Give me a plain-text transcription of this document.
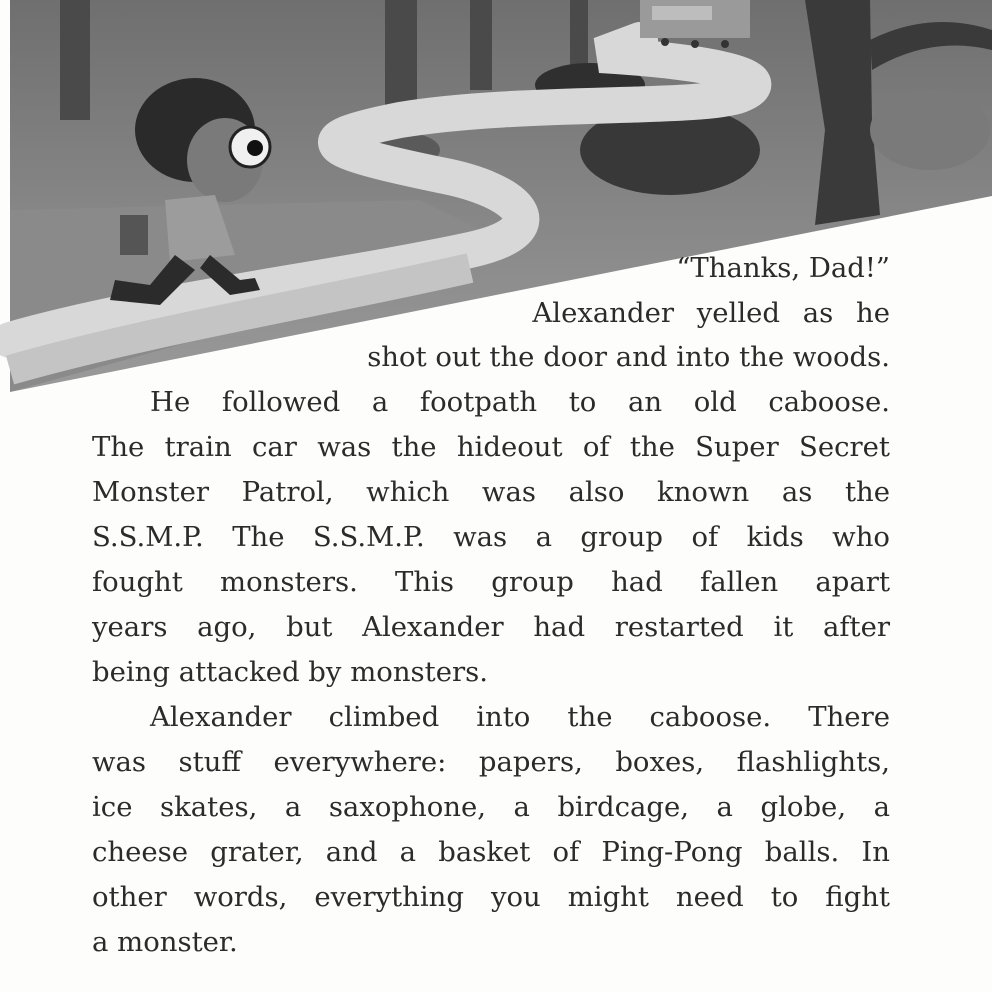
“Thanks, Dad!”
Alexander yelled as he
shot out the door and into the woods.
He followed a footpath to an old caboose.
The train car was the hideout of the Super Secret
Monster Patrol, which was also known as the
S.S.M.P. The S.S.M.P. was a group of kids who
fought monsters. This group had fallen apart
years ago, but Alexander had restarted it after
being attacked by monsters.
Alexander climbed into the caboose. There
was stuff everywhere: papers, boxes, flashlights,
ice skates, a saxophone, a birdcage, a globe, a
cheese grater, and a basket of Ping-Pong balls. In
other words, everything you might need to fight
a monster.
